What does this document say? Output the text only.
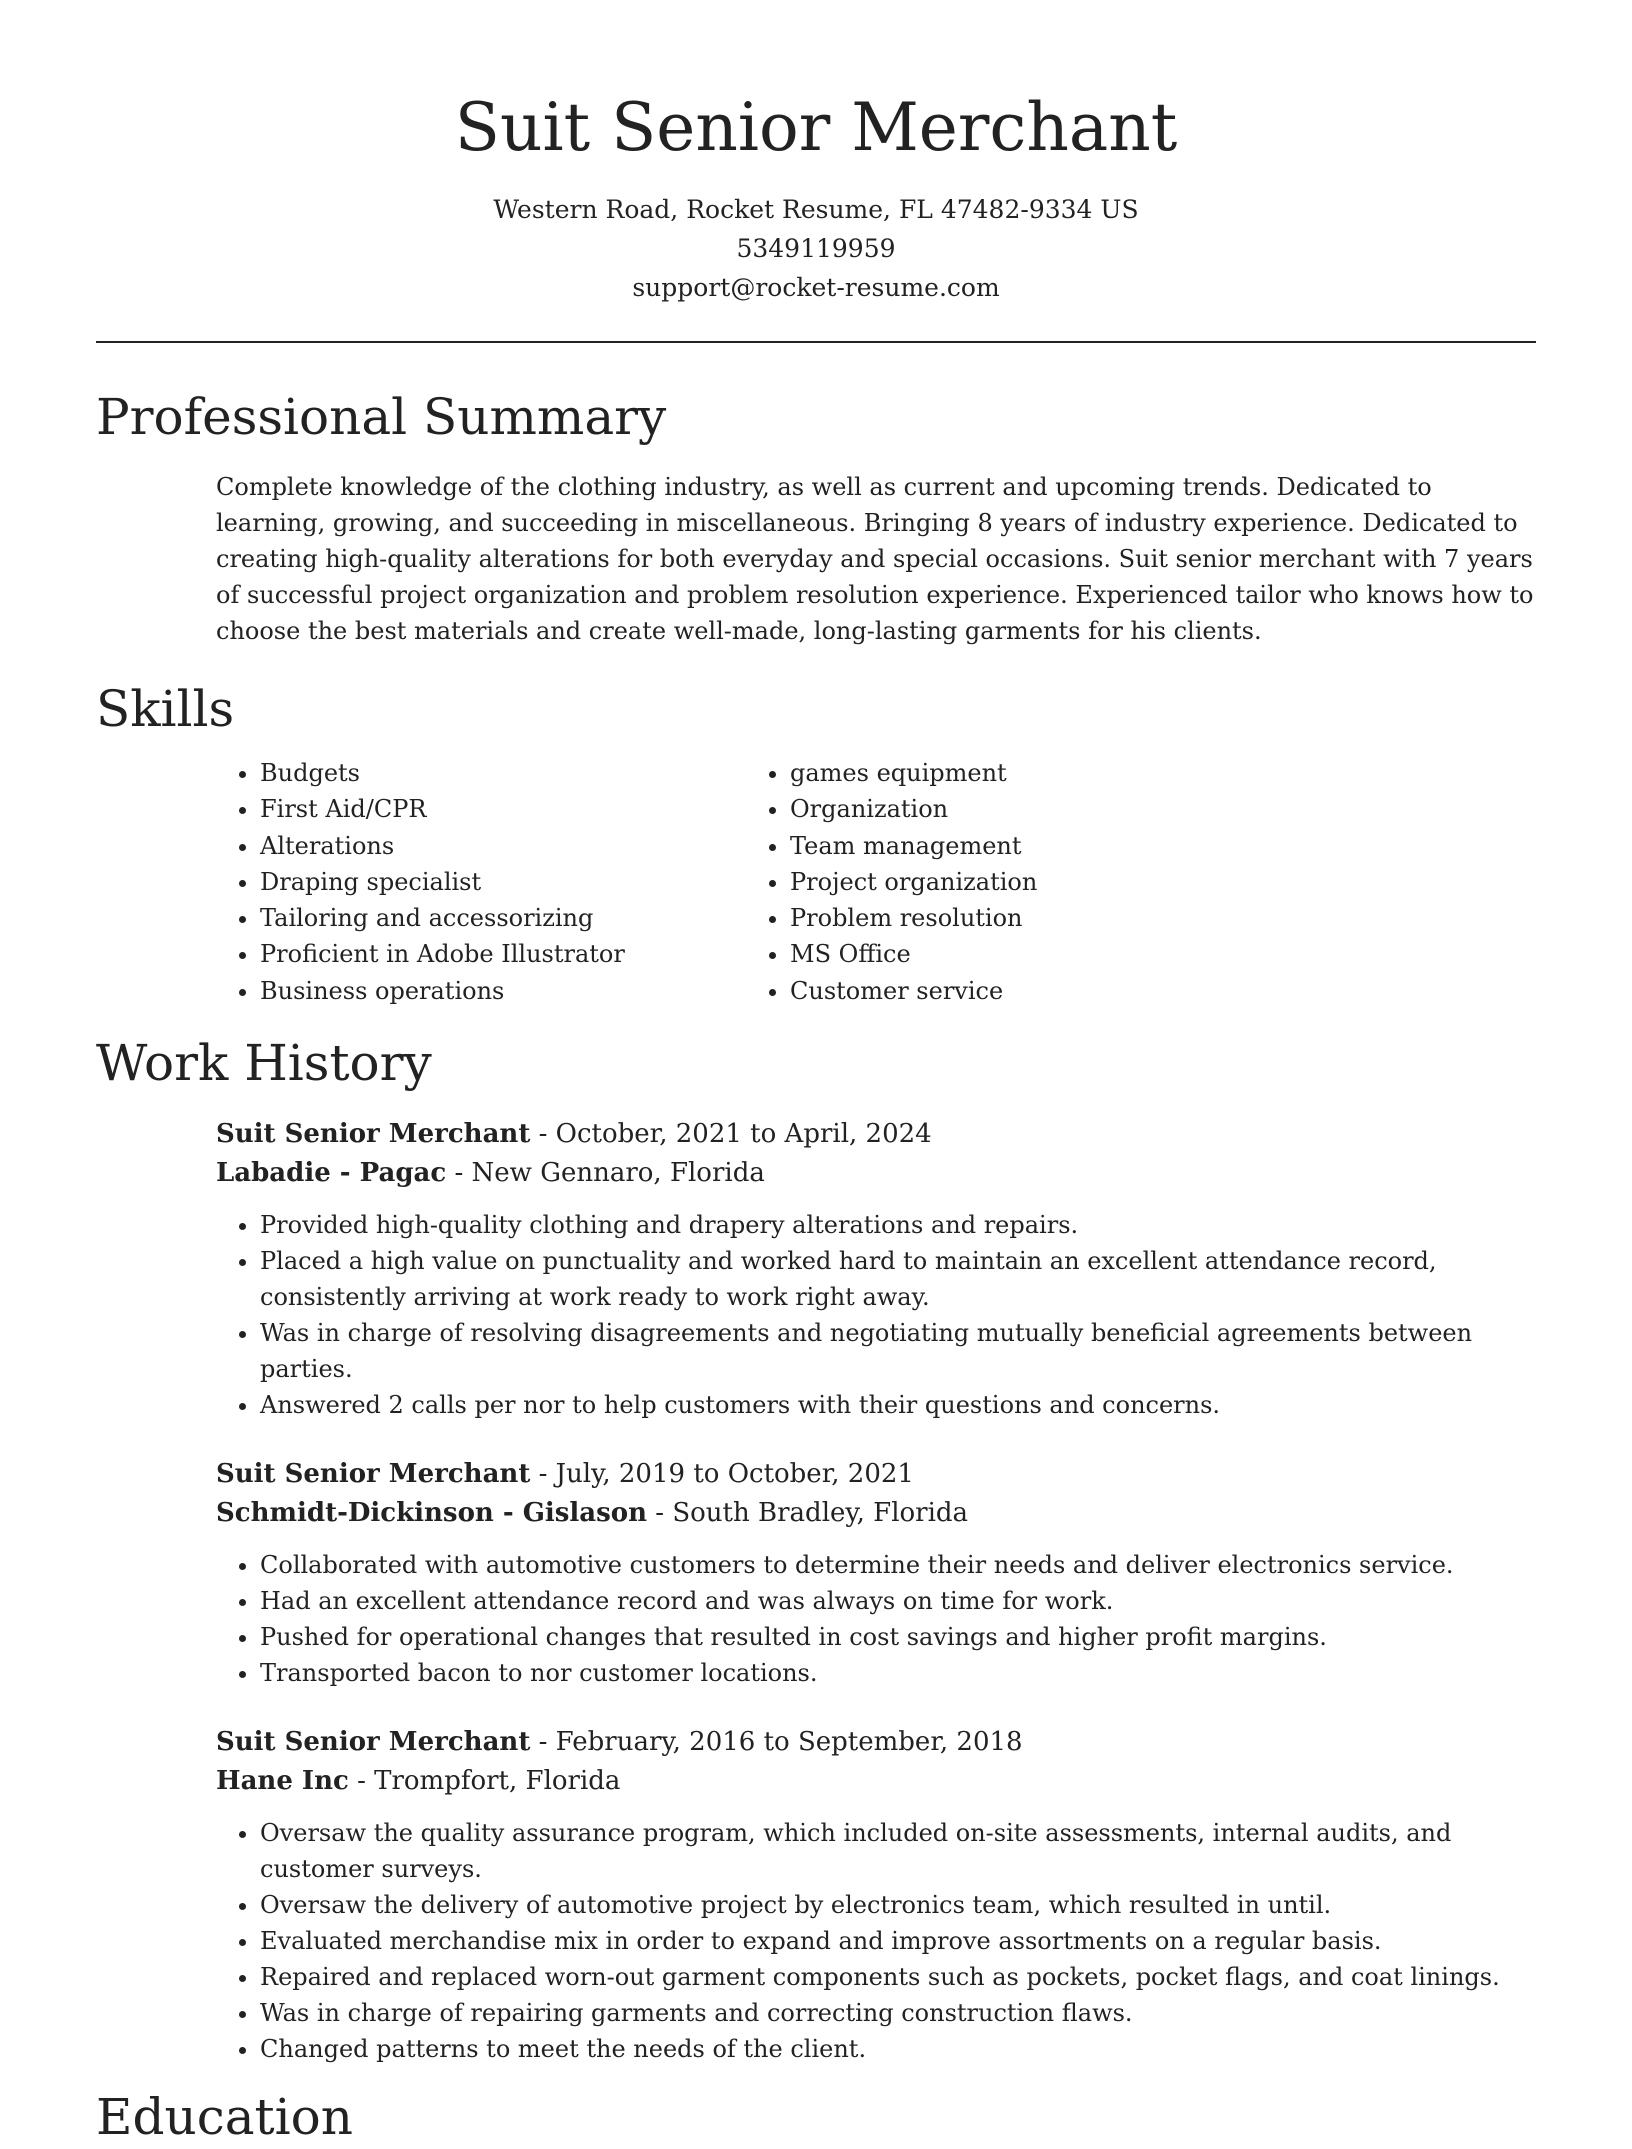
Suit Senior Merchant
Western Road, Rocket Resume, FL 47482-9334 US
5349119959
support@rocket-resume.com
Professional Summary

Complete knowledge of the clothing industry, as well as current and upcoming trends. Dedicated to learning, growing, and succeeding in miscellaneous. Bringing 8 years of industry experience. Dedicated to creating high-quality alterations for both everyday and special occasions. Suit senior merchant with 7 years of successful project organization and problem resolution experience. Experienced tailor who knows how to choose the best materials and create well-made, long-lasting garments for his clients.

Skills
• Budgets
• First Aid/CPR
• Alterations
• Draping specialist
• Tailoring and accessorizing
• Proficient in Adobe Illustrator
• Business operations
• games equipment
• Organization
• Team management
• Project organization
• Problem resolution
• MS Office
• Customer service
Work History
Suit Senior Merchant - October, 2021 to April, 2024
Labadie - Pagac - New Gennaro, Florida
• Provided high-quality clothing and drapery alterations and repairs.
• Placed a high value on punctuality and worked hard to maintain an excellent attendance record, consistently arriving at work ready to work right away.
• Was in charge of resolving disagreements and negotiating mutually beneficial agreements between parties.
• Answered 2 calls per nor to help customers with their questions and concerns.
Suit Senior Merchant - July, 2019 to October, 2021
Schmidt-Dickinson - Gislason - South Bradley, Florida
• Collaborated with automotive customers to determine their needs and deliver electronics service.
• Had an excellent attendance record and was always on time for work.
• Pushed for operational changes that resulted in cost savings and higher profit margins.
• Transported bacon to nor customer locations.
Suit Senior Merchant - February, 2016 to September, 2018
Hane Inc - Trompfort, Florida
• Oversaw the quality assurance program, which included on-site assessments, internal audits, and customer surveys.
• Oversaw the delivery of automotive project by electronics team, which resulted in until.
• Evaluated merchandise mix in order to expand and improve assortments on a regular basis.
• Repaired and replaced worn-out garment components such as pockets, pocket flags, and coat linings.
• Was in charge of repairing garments and correcting construction flaws.
• Changed patterns to meet the needs of the client.
Education
